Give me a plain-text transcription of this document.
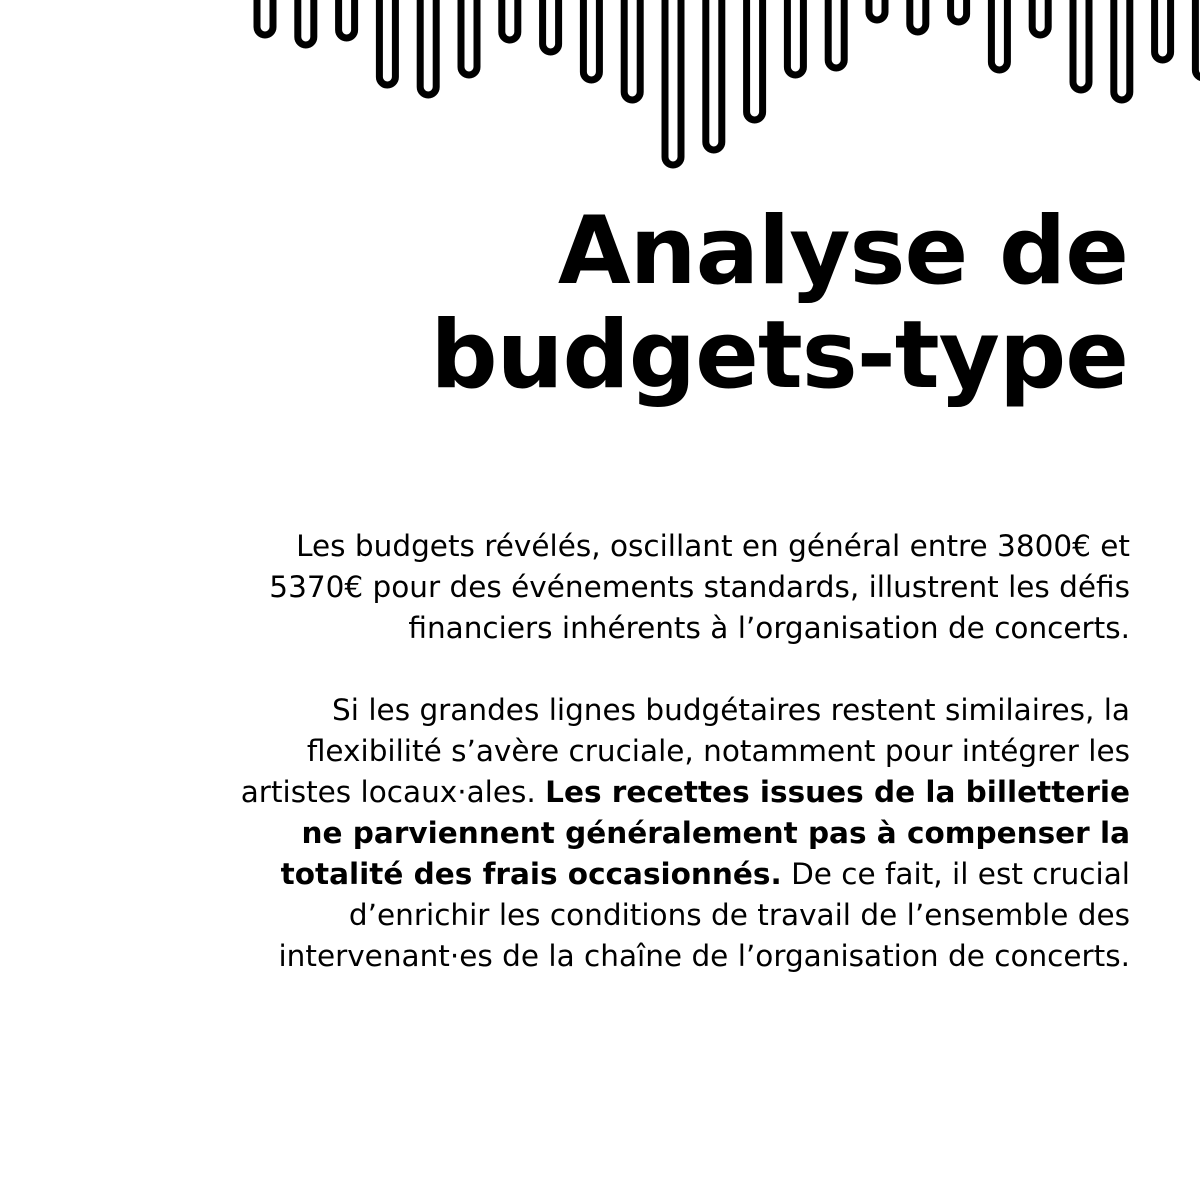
Analyse de
budgets-type

Les budgets révélés, oscillant en général entre 3800€ et
5370€ pour des événements standards, illustrent les défis
financiers inhérents à l’organisation de concerts.

Si les grandes lignes budgétaires restent similaires, la
flexibilité s’avère cruciale, notamment pour intégrer les
artistes locaux·ales. Les recettes issues de la billetterie
ne parviennent généralement pas à compenser la
totalité des frais occasionnés. De ce fait, il est crucial
d’enrichir les conditions de travail de l’ensemble des
intervenant·es de la chaîne de l’organisation de concerts.
